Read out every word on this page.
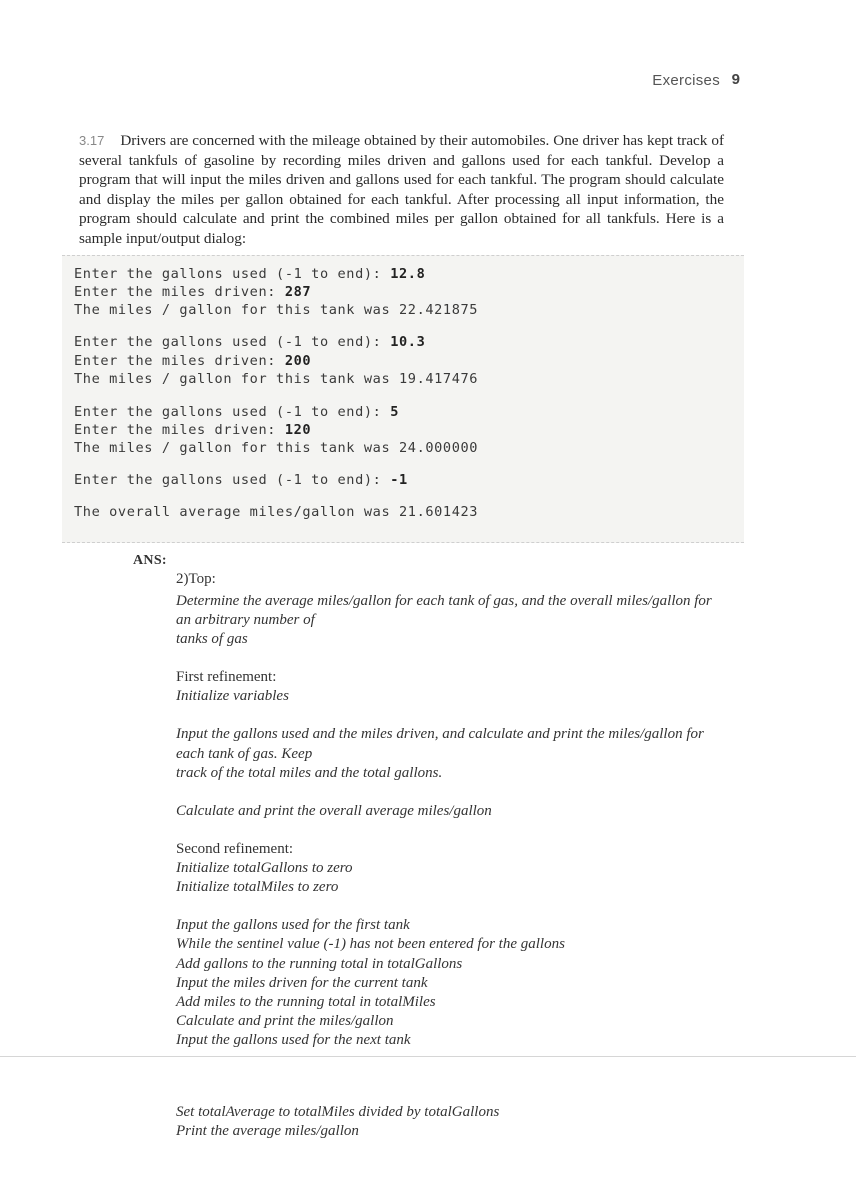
Exercises 9
3.17 Drivers are concerned with the mileage obtained by their automobiles. One driver has kept track of several tankfuls of gasoline by recording miles driven and gallons used for each tankful. Develop a program that will input the miles driven and gallons used for each tankful. The program should calculate and display the miles per gallon obtained for each tankful. After processing all input information, the program should calculate and print the combined miles per gallon obtained for all tankfuls. Here is a sample input/output dialog:
Enter the gallons used (-1 to end): 12.8
Enter the miles driven: 287
The miles / gallon for this tank was 22.421875
Enter the gallons used (-1 to end): 10.3
Enter the miles driven: 200
The miles / gallon for this tank was 19.417476
Enter the gallons used (-1 to end): 5
Enter the miles driven: 120
The miles / gallon for this tank was 24.000000
Enter the gallons used (-1 to end): -1
The overall average miles/gallon was 21.601423
ANS:
2)Top:
Determine the average miles/gallon for each tank of gas, and the overall miles/gallon for
an arbitrary number of
tanks of gas
First refinement:
Initialize variables
Input the gallons used and the miles driven, and calculate and print the miles/gallon for
each tank of gas. Keep
track of the total miles and the total gallons.
Calculate and print the overall average miles/gallon
Second refinement:
Initialize totalGallons to zero
Initialize totalMiles to zero
Input the gallons used for the first tank
While the sentinel value (-1) has not been entered for the gallons
Add gallons to the running total in totalGallons
Input the miles driven for the current tank
Add miles to the running total in totalMiles
Calculate and print the miles/gallon
Input the gallons used for the next tank
Set totalAverage to totalMiles divided by totalGallons
Print the average miles/gallon
